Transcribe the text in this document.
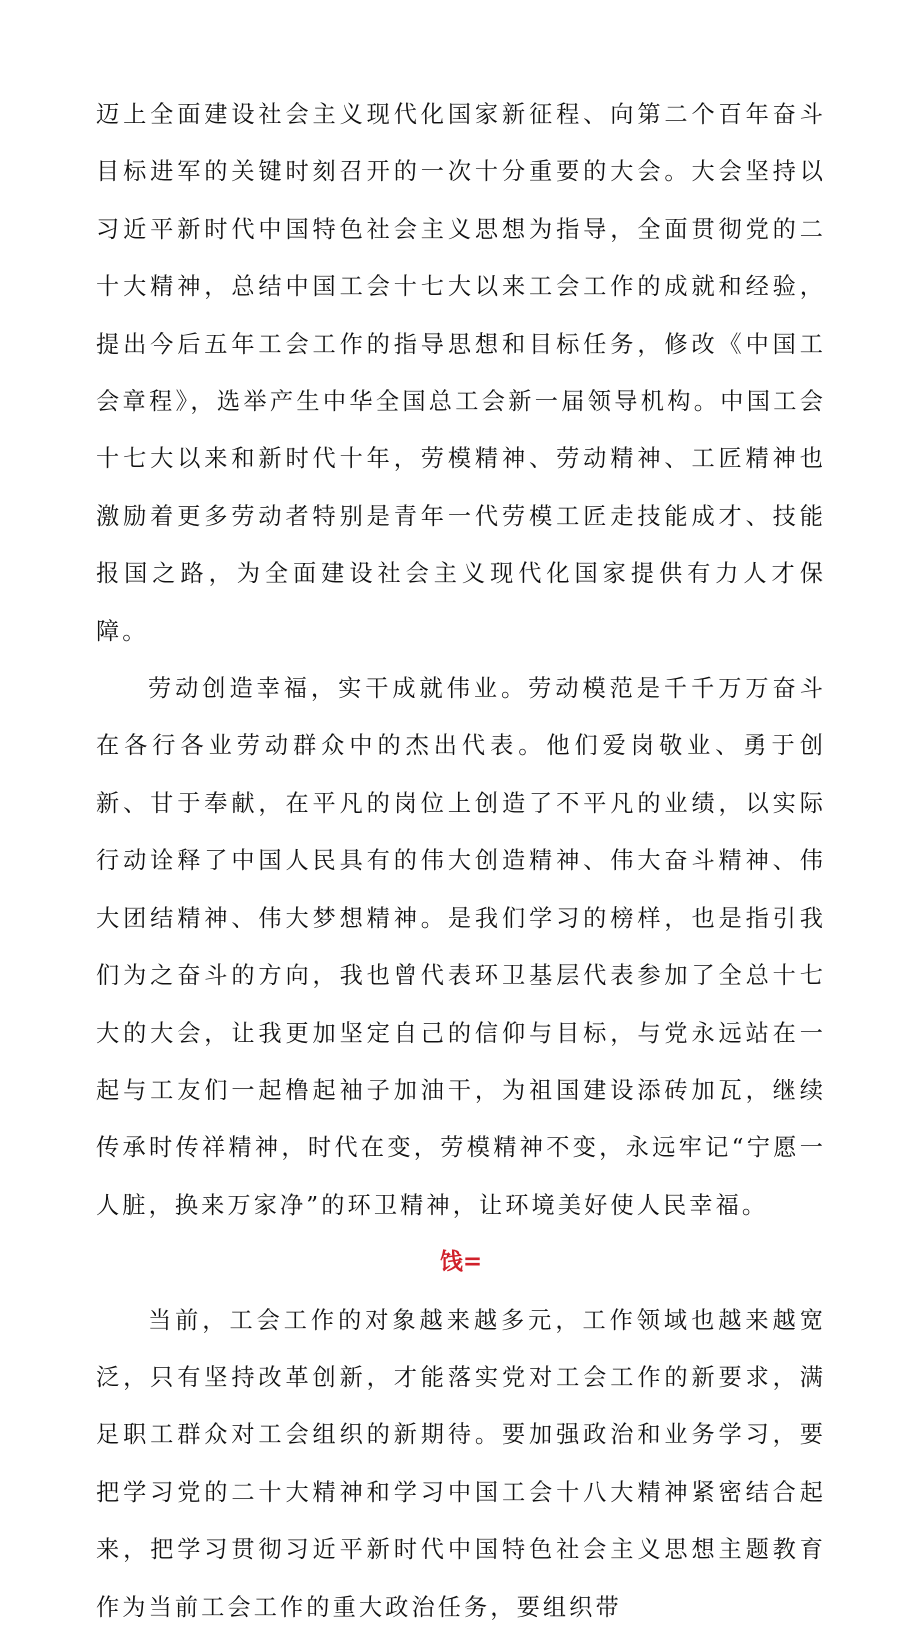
迈上全面建设社会主义现代化国家新征程、向第二个百年奋斗目标进军的关键时刻召开的一次十分重要的大会。大会坚持以习近平新时代中国特色社会主义思想为指导，全面贯彻党的二十大精神，总结中国工会十七大以来工会工作的成就和经验，提出今后五年工会工作的指导思想和目标任务，修改《中国工会章程》，选举产生中华全国总工会新一届领导机构。中国工会十七大以来和新时代十年，劳模精神、劳动精神、工匠精神也激励着更多劳动者特别是青年一代劳模工匠走技能成才、技能报国之路，为全面建设社会主义现代化国家提供有力人才保障。

劳动创造幸福，实干成就伟业。劳动模范是千千万万奋斗在各行各业劳动群众中的杰出代表。他们爱岗敬业、勇于创新、甘于奉献，在平凡的岗位上创造了不平凡的业绩，以实际行动诠释了中国人民具有的伟大创造精神、伟大奋斗精神、伟大团结精神、伟大梦想精神。是我们学习的榜样，也是指引我们为之奋斗的方向，我也曾代表环卫基层代表参加了全总十七大的大会，让我更加坚定自己的信仰与目标，与党永远站在一起与工友们一起橹起袖子加油干，为祖国建设添砖加瓦，继续传承时传祥精神，时代在变，劳模精神不变，永远牢记“宁愿一人脏，换来万家净”的环卫精神，让环境美好使人民幸福。

饯=

当前，工会工作的对象越来越多元，工作领域也越来越宽泛，只有坚持改革创新，才能落实党对工会工作的新要求，满足职工群众对工会组织的新期待。要加强政治和业务学习，要把学习党的二十大精神和学习中国工会十八大精神紧密结合起来，把学习贯彻习近平新时代中国特色社会主义思想主题教育作为当前工会工作的重大政治任务，要组织带
